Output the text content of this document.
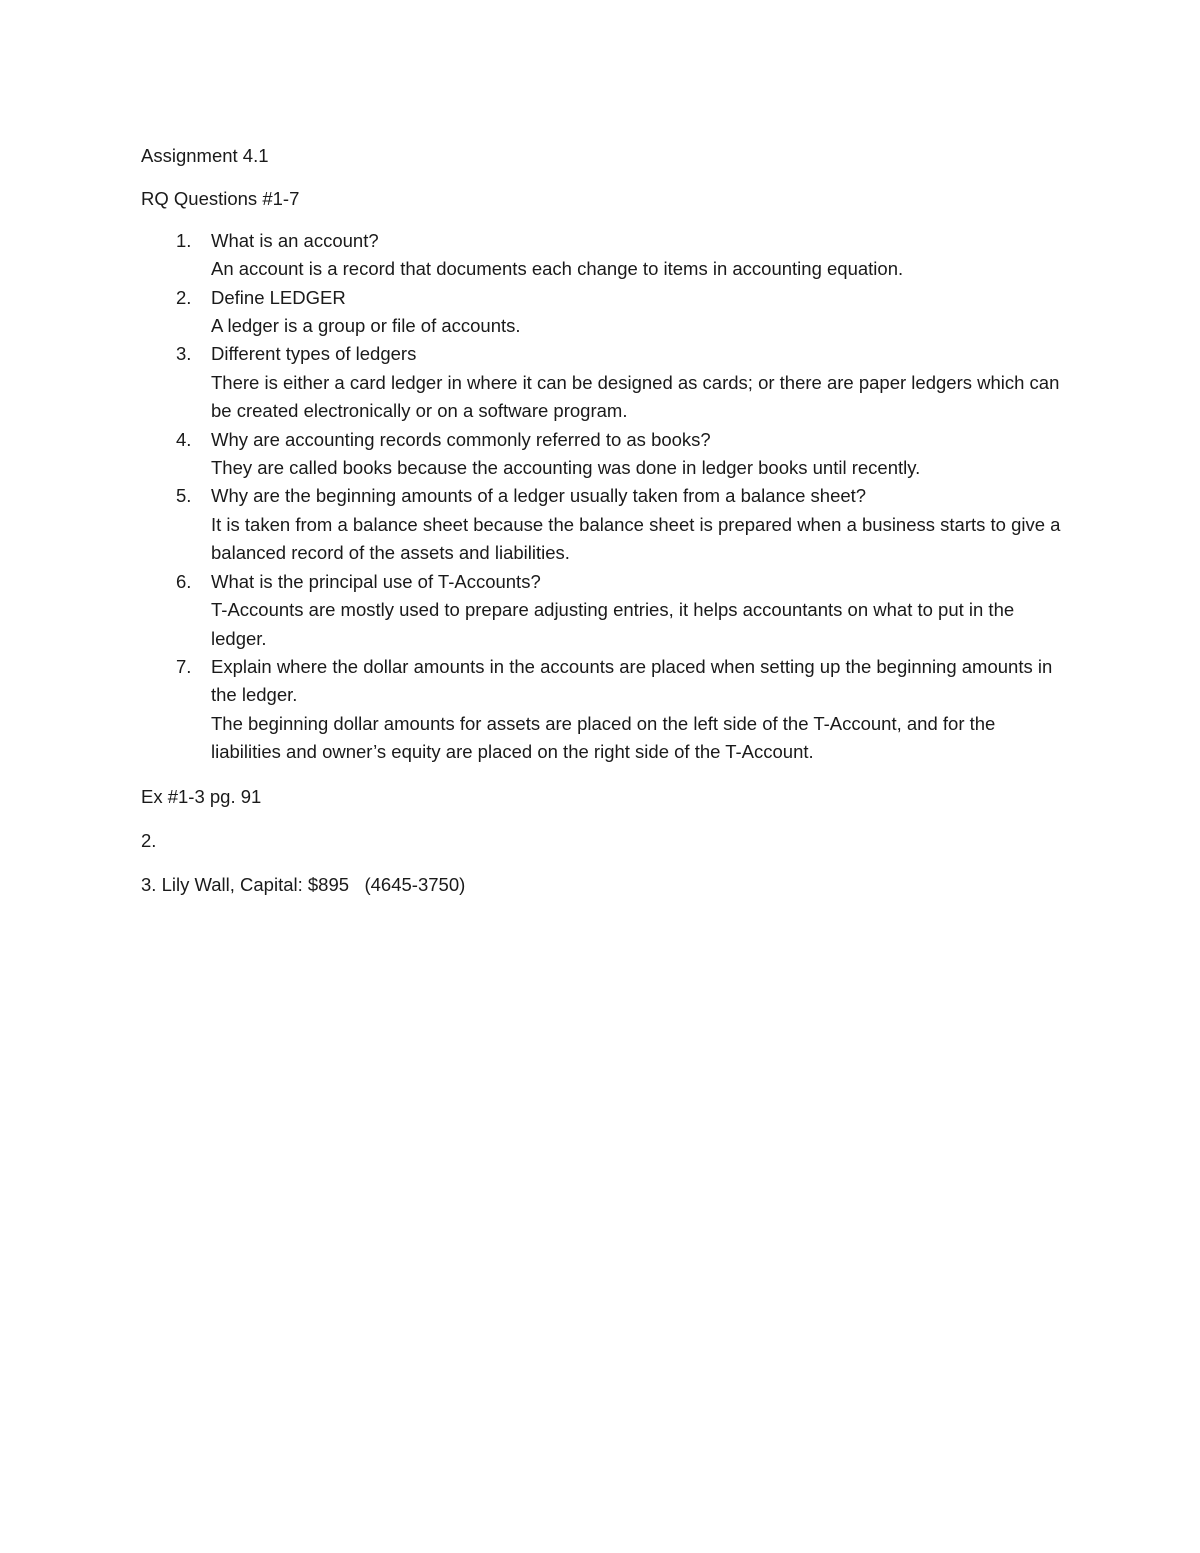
Assignment 4.1

RQ Questions #1-7

1. What is an account?
An account is a record that documents each change to items in accounting equation.
2. Define LEDGER
A ledger is a group or file of accounts.
3. Different types of ledgers
There is either a card ledger in where it can be designed as cards; or there are paper ledgers which can be created electronically or on a software program.
4. Why are accounting records commonly referred to as books?
They are called books because the accounting was done in ledger books until recently.
5. Why are the beginning amounts of a ledger usually taken from a balance sheet?
It is taken from a balance sheet because the balance sheet is prepared when a business starts to give a balanced record of the assets and liabilities.
6. What is the principal use of T-Accounts?
T-Accounts are mostly used to prepare adjusting entries, it helps accountants on what to put in the ledger.
7. Explain where the dollar amounts in the accounts are placed when setting up the beginning amounts in the ledger.
The beginning dollar amounts for assets are placed on the left side of the T-Account, and for the liabilities and owner’s equity are placed on the right side of the T-Account.

Ex #1-3 pg. 91

2.

3. Lily Wall, Capital: $895   (4645-3750)
